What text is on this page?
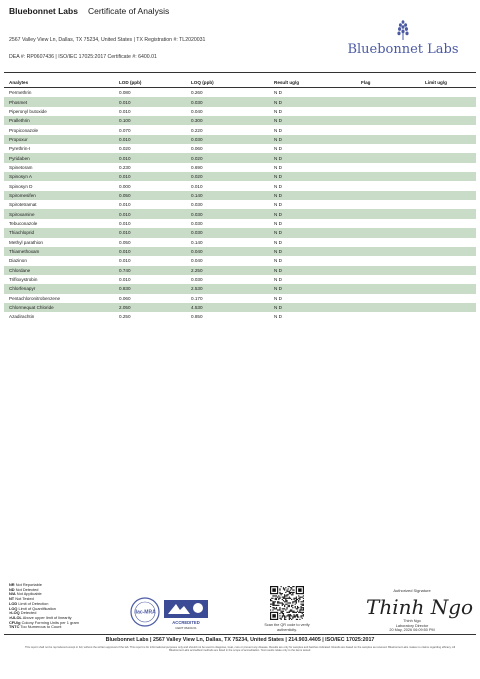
Bluebonnet Labs Certificate of Analysis
2567 Valley View Ln, Dallas, TX 75234, United States | TX Registration #: TL2020031
DEA #: RP0607436 | ISO/IEC 17025:2017 Certificate #: 6400.01	Bluebonnet Labs
Analytes	LOD (ppb)	LOQ (ppb)	Result ug/g	Flag	Limit ug/g
Permethrin	0.080	0.260	N D		
Phosmet	0.010	0.030	N D		
Piperonyl butoxide	0.010	0.040	N D		
Prallethrin	0.100	0.300	N D		
Propiconazole	0.070	0.220	N D		
Propoxur	0.010	0.030	N D		
Pyrethrin-I	0.020	0.060	N D		
Pyridaben	0.010	0.020	N D		
Spinetoram	0.230	0.690	N D		
Spinosyn A	0.010	0.020	N D		
Spinosyn D	0.000	0.010	N D		
Spiromesifen	0.050	0.140	N D		
Spirotetramat	0.010	0.030	N D		
Spiroxamine	0.010	0.030	N D		
Tebuconazole	0.010	0.030	N D		
Thiachloprid	0.010	0.030	N D		
Methyl parathion	0.050	0.140	N D		
Thiamethoxam	0.010	0.040	N D		
Diazinon	0.010	0.040	N D		
Chlordane	0.740	2.250	N D		
Trifloxystrobin	0.010	0.030	N D		
Chlorfenapyr	0.830	2.530	N D		
Pentachloronitrobenzene	0.060	0.170	N D		
Chlormequat Chloride	2.050	4.530	N D		
Azadirachtin	0.250	0.850	N D		
NR Not Reportable
ND Not Detected
N/A Not Applicable
NT Not Tested
LOD Limit of Detection
LOQ Limit of Quantification
>LOQ Detected
>ULOL Above upper limit of linearity
CFU/g Colony Forming Units per 1 gram
TNTC Too Numerous to Count
ilac-MRA
ACCREDITED
CERT #6400.01
Scan the QR code to verify authenticity.
Authorized Signature
Thinh Ngo
Thinh Ngo
Laboratory Director
20 May, 2026 06:09:50 PM
Bluebonnet Labs | 2567 Valley View Ln, Dallas, TX 75234, United States | 214.903.4405 | ISO/IEC 17025:2017
This report shall not be reproduced except in full, without the written approval of the lab. This report is for informational purposes only and should not be used to diagnose, treat, cure or prevent any disease. Results are only for samples and batches indicated. Results are based on the samples as received. Bluebonnet Labs makes no claims regarding efficacy. All Bluebonnet Labs accredited methods are listed in the scope of accreditation. Test results relate only to the items tested.
